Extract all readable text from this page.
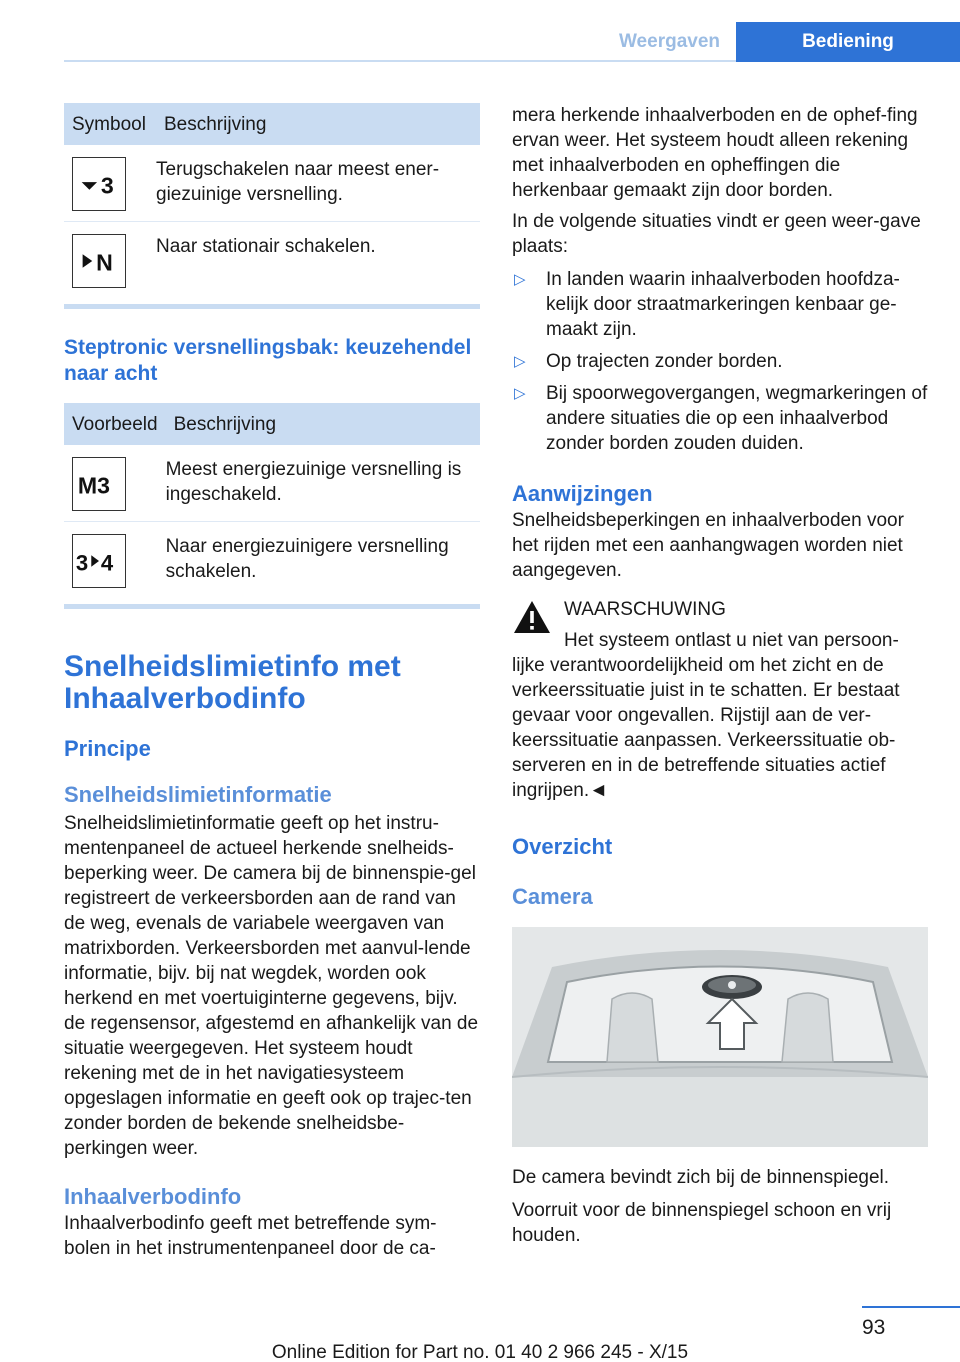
Weergaven	Bediening
Symbool	Beschrijving

3	Terugschakelen naar meest ener-giezuinige versnelling.

N	Naar stationair schakelen.
Steptronic versnellingsbak: keuzehendel naar acht
Voorbeeld	Beschrijving

M3	Meest energiezuinige versnelling is ingeschakeld.

3 4	Naar energiezuinigere versnelling schakelen.
Snelheidslimietinfo met Inhaalverbodinfo
Principe
Snelheidslimietinformatie
Snelheidslimietinformatie geeft op het instru-mentenpaneel de actueel herkende snelheids-beperking weer. De camera bij de binnenspie-gel registreert de verkeersborden aan de rand van de weg, evenals de variabele weergaven van matrixborden. Verkeersborden met aanvul-lende informatie, bijv. bij nat wegdek, worden ook herkend en met voertuiginterne gegevens, bijv. de regensensor, afgestemd en afhankelijk van de situatie weergegeven. Het systeem houdt rekening met de in het navigatiesysteem opgeslagen informatie en geeft ook op trajec-ten zonder borden de bekende snelheidsbe-perkingen weer.
Inhaalverbodinfo
Inhaalverbodinfo geeft met betreffende sym-bolen in het instrumentenpaneel door de ca-
mera herkende inhaalverboden en de ophef-fing ervan weer. Het systeem houdt alleen rekening met inhaalverboden en opheffingen die herkenbaar gemaakt zijn door borden.
In de volgende situaties vindt er geen weer-gave plaats:
▷ In landen waarin inhaalverboden hoofdza-kelijk door straatmarkeringen kenbaar ge-maakt zijn.
▷ Op trajecten zonder borden.
▷ Bij spoorwegovergangen, wegmarkeringen of andere situaties die op een inhaalverbod zonder borden zouden duiden.
Aanwijzingen
Snelheidsbeperkingen en inhaalverboden voor het rijden met een aanhangwagen worden niet aangegeven.
WAARSCHUWING
Het systeem ontlast u niet van persoon-
lijke verantwoordelijkheid om het zicht en de verkeerssituatie juist in te schatten. Er bestaat gevaar voor ongevallen. Rijstijl aan de ver-keerssituatie aanpassen. Verkeerssituatie ob-serveren en in de betreffende situaties actief ingrijpen.◄
Overzicht
Camera
De camera bevindt zich bij de binnenspiegel.
Voorruit voor de binnenspiegel schoon en vrij houden.
93
Online Edition for Part no. 01 40 2 966 245 - X/15
